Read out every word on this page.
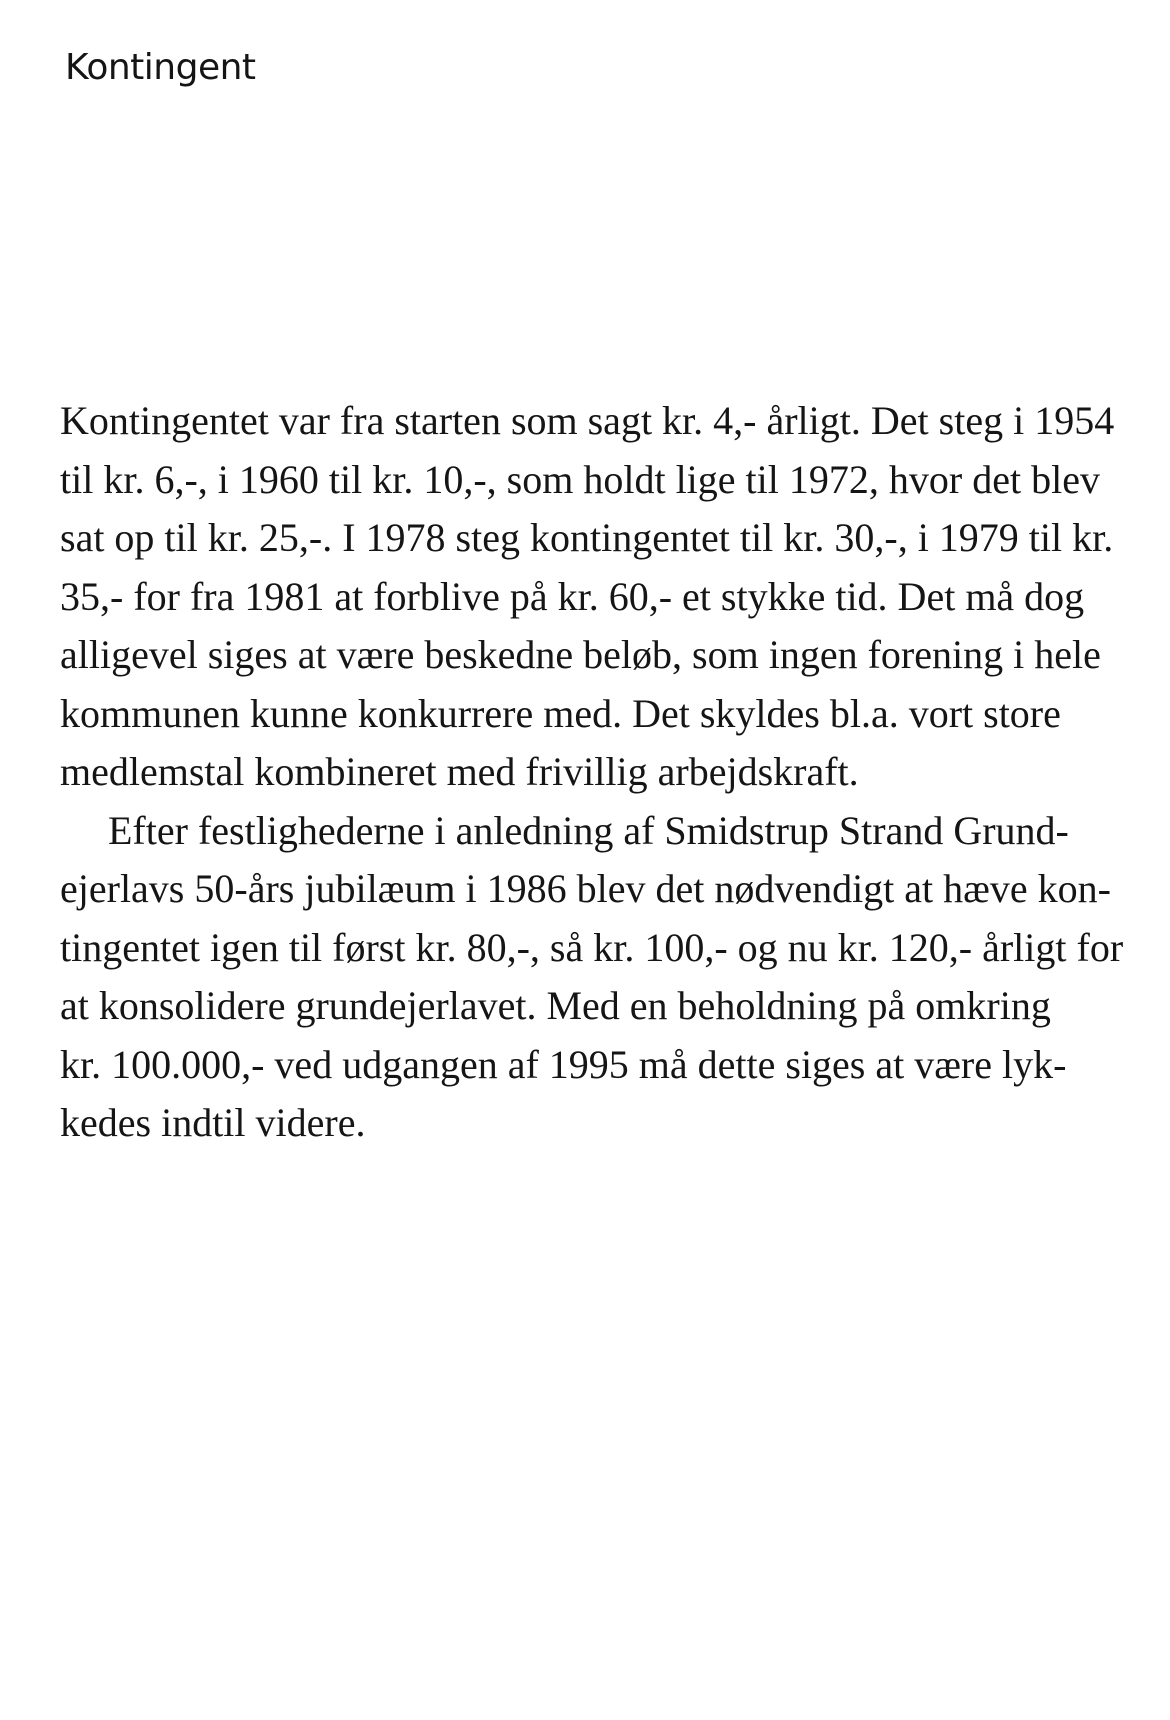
Kontingent

Kontingentet var fra starten som sagt kr. 4,- årligt. Det steg i 1954
til kr. 6,-, i 1960 til kr. 10,-, som holdt lige til 1972, hvor det blev
sat op til kr. 25,-. I 1978 steg kontingentet til kr. 30,-, i 1979 til kr.
35,- for fra 1981 at forblive på kr. 60,- et stykke tid. Det må dog
alligevel siges at være beskedne beløb, som ingen forening i hele
kommunen kunne konkurrere med. Det skyldes bl.a. vort store
medlemstal kombineret med frivillig arbejdskraft.

Efter festlighederne i anledning af Smidstrup Strand Grund-
ejerlavs 50-års jubilæum i 1986 blev det nødvendigt at hæve kon-
tingentet igen til først kr. 80,-, så kr. 100,- og nu kr. 120,- årligt for
at konsolidere grundejerlavet. Med en beholdning på omkring
kr. 100.000,- ved udgangen af 1995 må dette siges at være lyk-
kedes indtil videre.
